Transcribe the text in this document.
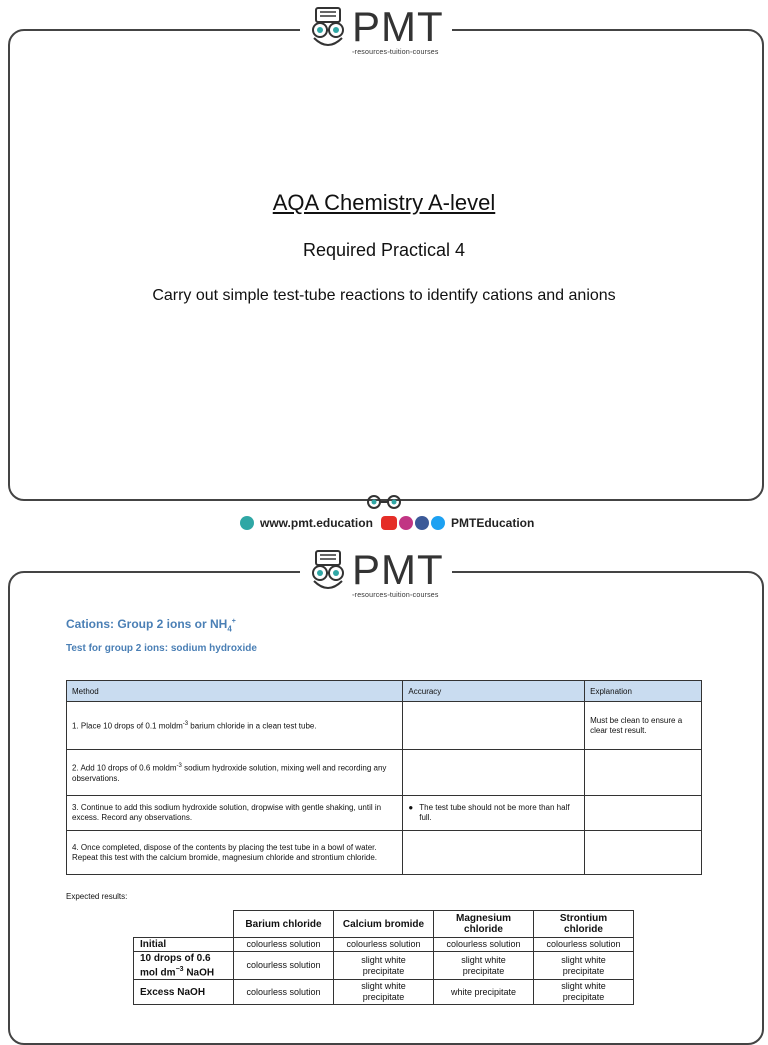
PMT
◦resources◦tuition◦courses
AQA Chemistry A-level
Required Practical 4
Carry out simple test-tube reactions to identify cations and anions
www.pmt.education	PMTEducation
PMT
◦resources◦tuition◦courses
Cations: Group 2 ions or $NH_4^+$
Test for group 2 ions: sodium hydroxide
Method	Accuracy	Explanation
1. Place 10 drops of 0.1 moldm$^{-3}$ barium chloride in a clean test tube.		Must be clean to ensure a clear test result.
2. Add 10 drops of 0.6 moldm$^{-3}$ sodium hydroxide solution, mixing well and recording any observations.		
3. Continue to add this sodium hydroxide solution, dropwise with gentle shaking, until in excess. Record any observations.	● The test tube should not be more than half full.	

4. Once completed, dispose of the contents by placing the test tube in a bowl of water. Repeat this test with the calcium bromide, magnesium chloride and strontium chloride.		
Expected results:
	Barium chloride	Calcium bromide	Magnesium chloride	Strontium chloride
Initial	colourless solution	colourless solution	colourless solution	colourless solution
10 drops of 0.6 mol $dm^{-3}$ NaOH	colourless solution	slight white precipitate	slight white precipitate	slight white precipitate
Excess NaOH	colourless solution	slight white precipitate	white precipitate	slight white precipitate
